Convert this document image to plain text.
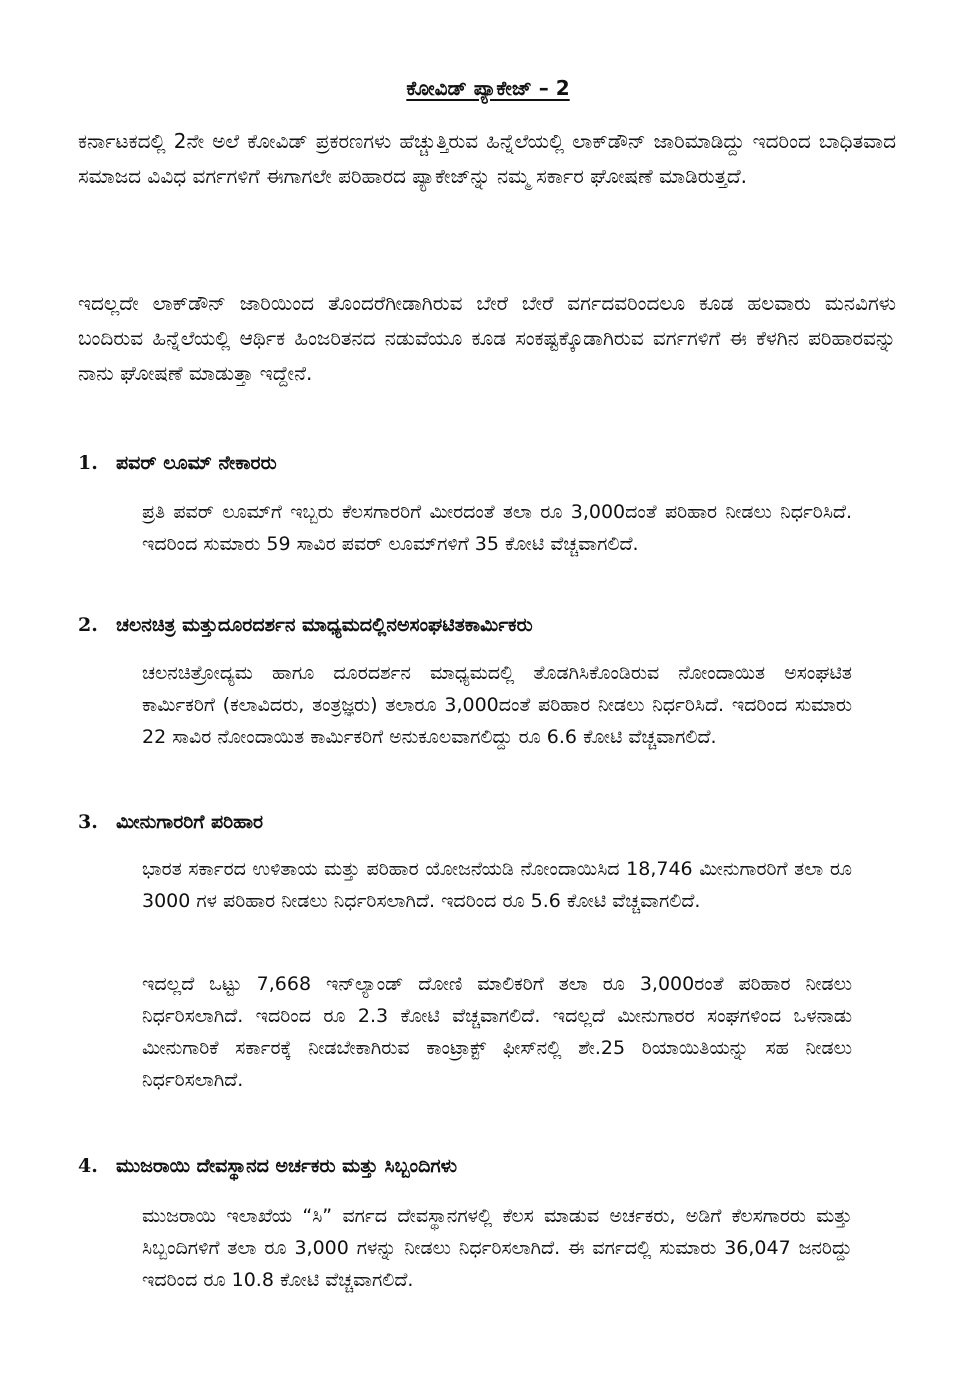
ಕೋವಿಡ್ ಪ್ಯಾಕೇಜ್ – 2
ಕರ್ನಾಟಕದಲ್ಲಿ 2ನೇ ಅಲೆ ಕೋವಿಡ್ ಪ್ರಕರಣಗಳು ಹೆಚ್ಚುತ್ತಿರುವ ಹಿನ್ನೆಲೆಯಲ್ಲಿ ಲಾಕ್‌ಡೌನ್ ಜಾರಿಮಾಡಿದ್ದು ಇದರಿಂದ ಬಾಧಿತವಾದ ಸಮಾಜದ ವಿವಿಧ ವರ್ಗಗಳಿಗೆ ಈಗಾಗಲೇ ಪರಿಹಾರದ ಪ್ಯಾಕೇಜ್‌ನ್ನು ನಮ್ಮ ಸರ್ಕಾರ ಘೋಷಣೆ ಮಾಡಿರುತ್ತದೆ.
ಇದಲ್ಲದೇ ಲಾಕ್‌ಡೌನ್ ಜಾರಿಯಿಂದ ತೊಂದರೆಗೀಡಾಗಿರುವ ಬೇರೆ ಬೇರೆ ವರ್ಗದವರಿಂದಲೂ ಕೂಡ ಹಲವಾರು ಮನವಿಗಳು ಬಂದಿರುವ ಹಿನ್ನೆಲೆಯಲ್ಲಿ ಆರ್ಥಿಕ ಹಿಂಜರಿತನದ ನಡುವೆಯೂ ಕೂಡ ಸಂಕಷ್ಟಕ್ಕೊಡಾಗಿರುವ ವರ್ಗಗಳಿಗೆ ಈ ಕೆಳಗಿನ ಪರಿಹಾರವನ್ನು ನಾನು ಘೋಷಣೆ ಮಾಡುತ್ತಾ ಇದ್ದೇನೆ.
1. ಪವರ್ ಲೂಮ್ ನೇಕಾರರು
ಪ್ರತಿ ಪವರ್ ಲೂಮ್‌ಗೆ ಇಬ್ಬರು ಕೆಲಸಗಾರರಿಗೆ ಮೀರದಂತೆ ತಲಾ ರೂ 3,000ದಂತೆ ಪರಿಹಾರ ನೀಡಲು ನಿರ್ಧರಿಸಿದೆ. ಇದರಿಂದ ಸುಮಾರು 59 ಸಾವಿರ ಪವರ್ ಲೂಮ್‌ಗಳಿಗೆ 35 ಕೋಟಿ ವೆಚ್ಚವಾಗಲಿದೆ.
2. ಚಲನಚಿತ್ರ ಮತ್ತುದೂರದರ್ಶನ ಮಾಧ್ಯಮದಲ್ಲಿನಅಸಂಘಟಿತಕಾರ್ಮಿಕರು
ಚಲನಚಿತ್ರೋದ್ಯಮ ಹಾಗೂ ದೂರದರ್ಶನ ಮಾಧ್ಯಮದಲ್ಲಿ ತೊಡಗಿಸಿಕೊಂಡಿರುವ ನೋಂದಾಯಿತ ಅಸಂಘಟಿತ ಕಾರ್ಮಿಕರಿಗೆ (ಕಲಾವಿದರು, ತಂತ್ರಜ್ಞರು) ತಲಾರೂ 3,000ದಂತೆ ಪರಿಹಾರ ನೀಡಲು ನಿರ್ಧರಿಸಿದೆ. ಇದರಿಂದ ಸುಮಾರು 22 ಸಾವಿರ ನೋಂದಾಯಿತ ಕಾರ್ಮಿಕರಿಗೆ ಅನುಕೂಲವಾಗಲಿದ್ದು ರೂ 6.6 ಕೋಟಿ ವೆಚ್ಚವಾಗಲಿದೆ.
3. ಮೀನುಗಾರರಿಗೆ ಪರಿಹಾರ
ಭಾರತ ಸರ್ಕಾರದ ಉಳಿತಾಯ ಮತ್ತು ಪರಿಹಾರ ಯೋಜನೆಯಡಿ ನೋಂದಾಯಿಸಿದ 18,746 ಮೀನುಗಾರರಿಗೆ ತಲಾ ರೂ 3000 ಗಳ ಪರಿಹಾರ ನೀಡಲು ನಿರ್ಧರಿಸಲಾಗಿದೆ. ಇದರಿಂದ ರೂ 5.6 ಕೋಟಿ ವೆಚ್ಚವಾಗಲಿದೆ.
ಇದಲ್ಲದೆ ಒಟ್ಟು 7,668 ಇನ್‌ಲ್ಯಾಂಡ್ ದೋಣಿ ಮಾಲಿಕರಿಗೆ ತಲಾ ರೂ 3,000ರಂತೆ ಪರಿಹಾರ ನೀಡಲು ನಿರ್ಧರಿಸಲಾಗಿದೆ. ಇದರಿಂದ ರೂ 2.3 ಕೋಟಿ ವೆಚ್ಚವಾಗಲಿದೆ. ಇದಲ್ಲದೆ ಮೀನುಗಾರರ ಸಂಘಗಳಿಂದ ಒಳನಾಡು ಮೀನುಗಾರಿಕೆ ಸರ್ಕಾರಕ್ಕೆ ನೀಡಬೇಕಾಗಿರುವ ಕಾಂಟ್ರಾಕ್ಟ್ ಫೀಸ್‌ನಲ್ಲಿ ಶೇ.25 ರಿಯಾಯಿತಿಯನ್ನು ಸಹ ನೀಡಲು ನಿರ್ಧರಿಸಲಾಗಿದೆ.
4. ಮುಜರಾಯಿ ದೇವಸ್ಥಾನದ ಅರ್ಚಕರು ಮತ್ತು ಸಿಬ್ಬಂದಿಗಳು
ಮುಜರಾಯಿ ಇಲಾಖೆಯ “ಸಿ” ವರ್ಗದ ದೇವಸ್ಥಾನಗಳಲ್ಲಿ ಕೆಲಸ ಮಾಡುವ ಅರ್ಚಕರು, ಅಡಿಗೆ ಕೆಲಸಗಾರರು ಮತ್ತು ಸಿಬ್ಬಂದಿಗಳಿಗೆ ತಲಾ ರೂ 3,000 ಗಳನ್ನು ನೀಡಲು ನಿರ್ಧರಿಸಲಾಗಿದೆ. ಈ ವರ್ಗದಲ್ಲಿ ಸುಮಾರು 36,047 ಜನರಿದ್ದು ಇದರಿಂದ ರೂ 10.8 ಕೋಟಿ ವೆಚ್ಚವಾಗಲಿದೆ.
